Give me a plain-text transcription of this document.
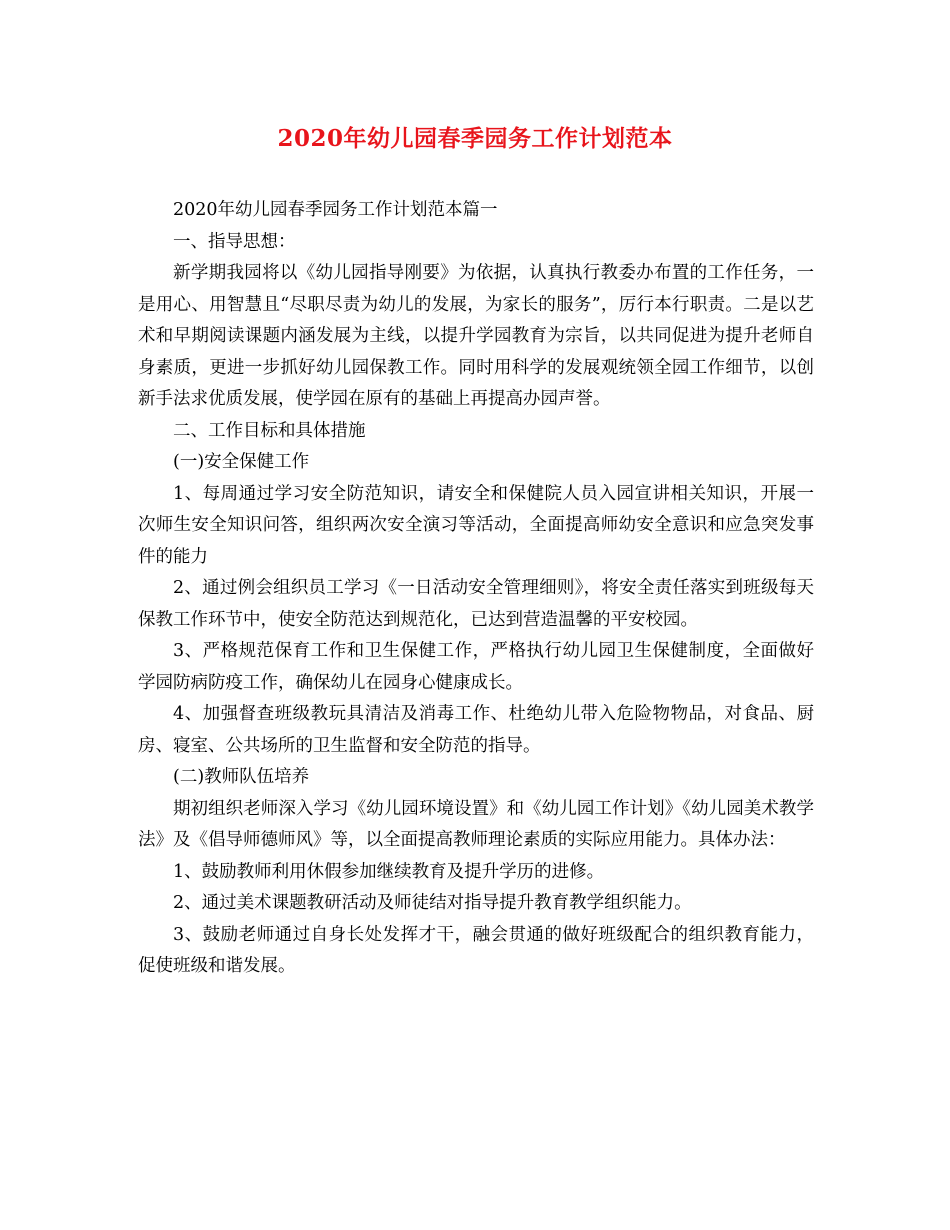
2020年幼儿园春季园务工作计划范本

2020年幼儿园春季园务工作计划范本篇一

一、指导思想：

新学期我园将以《幼儿园指导刚要》为依据，认真执行教委办布置的工作任务，一是用心、用智慧且“尽职尽责为幼儿的发展，为家长的服务”，厉行本行职责。二是以艺术和早期阅读课题内涵发展为主线，以提升学园教育为宗旨，以共同促进为提升老师自身素质，更进一步抓好幼儿园保教工作。同时用科学的发展观统领全园工作细节，以创新手法求优质发展，使学园在原有的基础上再提高办园声誉。

二、工作目标和具体措施

(一)安全保健工作

1、每周通过学习安全防范知识，请安全和保健院人员入园宣讲相关知识，开展一次师生安全知识问答，组织两次安全演习等活动，全面提高师幼安全意识和应急突发事件的能力

2、通过例会组织员工学习《一日活动安全管理细则》，将安全责任落实到班级每天保教工作环节中，使安全防范达到规范化，已达到营造温馨的平安校园。

3、严格规范保育工作和卫生保健工作，严格执行幼儿园卫生保健制度，全面做好学园防病防疫工作，确保幼儿在园身心健康成长。

4、加强督查班级教玩具清洁及消毒工作、杜绝幼儿带入危险物物品，对食品、厨房、寝室、公共场所的卫生监督和安全防范的指导。

(二)教师队伍培养

期初组织老师深入学习《幼儿园环境设置》和《幼儿园工作计划》《幼儿园美术教学法》及《倡导师德师风》等，以全面提高教师理论素质的实际应用能力。具体办法：

1、鼓励教师利用休假参加继续教育及提升学历的进修。

2、通过美术课题教研活动及师徒结对指导提升教育教学组织能力。

3、鼓励老师通过自身长处发挥才干，融会贯通的做好班级配合的组织教育能力，促使班级和谐发展。
